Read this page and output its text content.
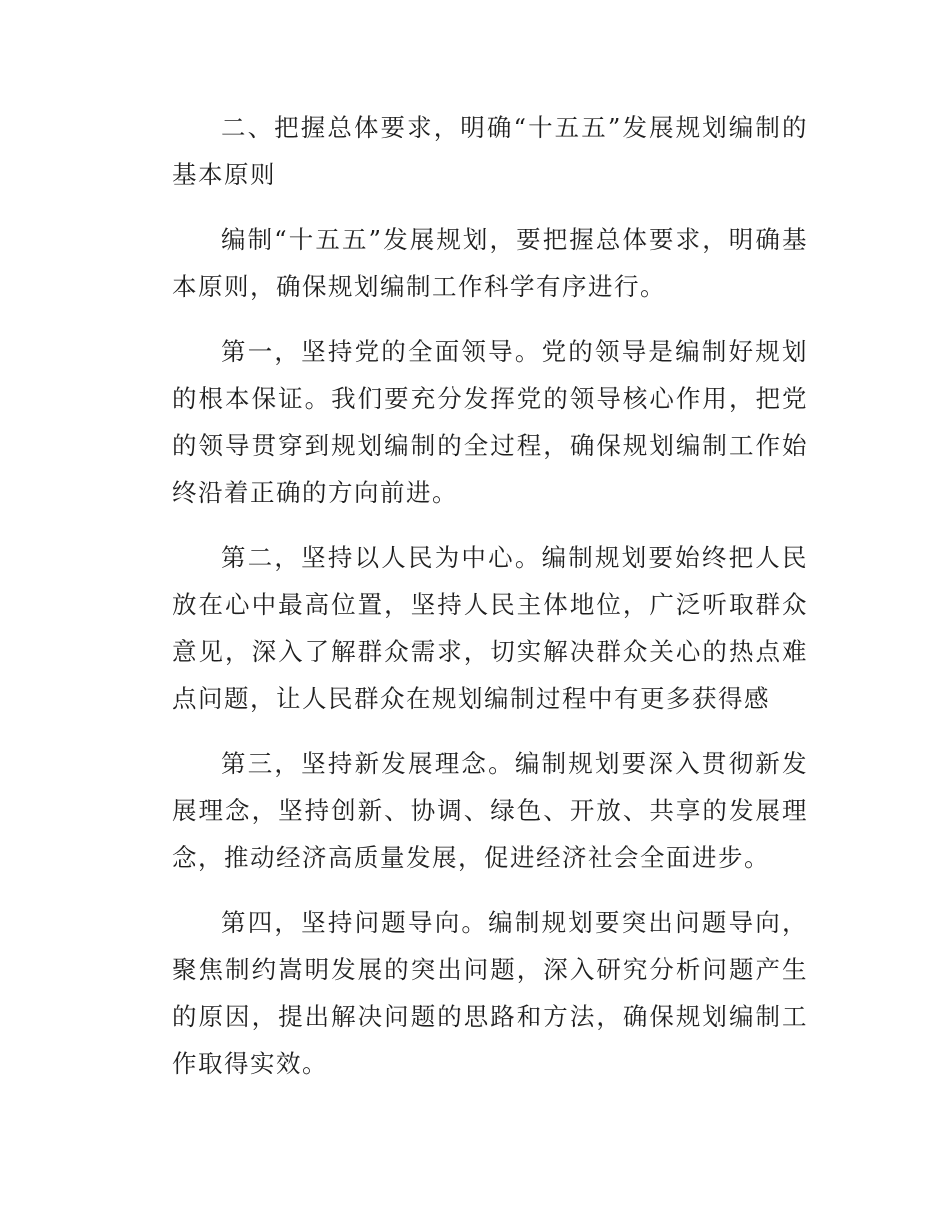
二、把握总体要求，明确“十五五”发展规划编制的基本原则

编制“十五五”发展规划，要把握总体要求，明确基本原则，确保规划编制工作科学有序进行。

第一，坚持党的全面领导。党的领导是编制好规划的根本保证。我们要充分发挥党的领导核心作用，把党的领导贯穿到规划编制的全过程，确保规划编制工作始终沿着正确的方向前进。

第二，坚持以人民为中心。编制规划要始终把人民放在心中最高位置，坚持人民主体地位，广泛听取群众意见，深入了解群众需求，切实解决群众关心的热点难点问题，让人民群众在规划编制过程中有更多获得感

第三，坚持新发展理念。编制规划要深入贯彻新发展理念，坚持创新、协调、绿色、开放、共享的发展理念，推动经济高质量发展，促进经济社会全面进步。

第四，坚持问题导向。编制规划要突出问题导向，聚焦制约嵩明发展的突出问题，深入研究分析问题产生的原因，提出解决问题的思路和方法，确保规划编制工作取得实效。
